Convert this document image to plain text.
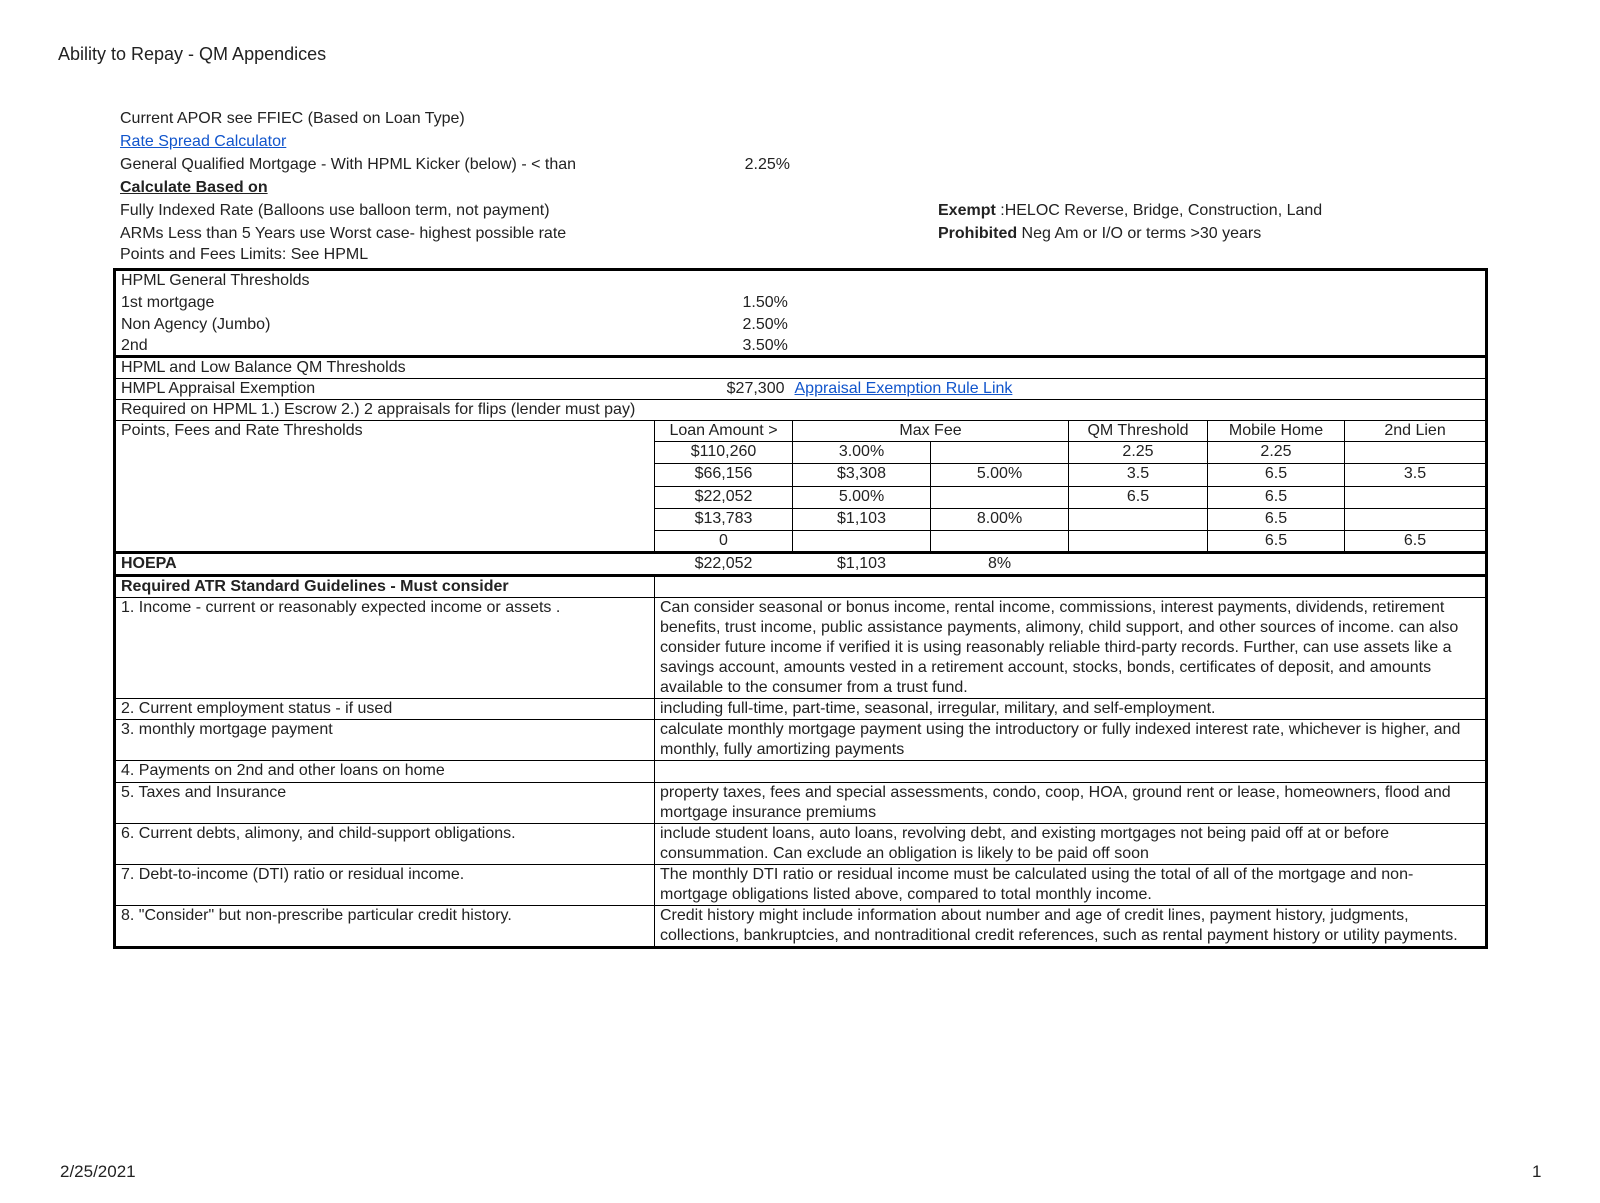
Ability to Repay - QM Appendices
Current APOR see FFIEC (Based on Loan Type)
Rate Spread Calculator
General Qualified Mortgage - With HPML Kicker (below) - < than	2.25%
Calculate Based on
Fully Indexed Rate (Balloons use balloon term, not payment)
ARMs Less than 5 Years use Worst case- highest possible rate
Points and Fees Limits: See HPML
Exempt :HELOC Reverse, Bridge, Construction, Land
Prohibited Neg Am or I/O or terms >30 years
HPML General Thresholds						
1st mortgage		1.50%				
Non Agency (Jumbo)		2.50%				
2nd		3.50%				
HPML and Low Balance QM Thresholds						
HMPL Appraisal Exemption	$27,300	Appraisal Exemption Rule Link				
Required on HPML 1.) Escrow 2.) 2 appraisals for flips (lender must pay)						
Points, Fees and Rate Thresholds	Loan Amount >	Max Fee		QM Threshold	Mobile Home	2nd Lien
	$110,260	3.00%		2.25	2.25	
	$66,156	$3,308	5.00%	3.5	6.5	3.5
	$22,052	5.00%		6.5	6.5	
	$13,783	$1,103	8.00%		6.5	
	0				6.5	6.5
HOEPA	$22,052	$1,103	8%			
Required ATR Standard Guidelines - Must consider						
1. Income - current or reasonably expected income or assets .	Can consider seasonal or bonus income, rental income, commissions, interest payments, dividends, retirement benefits, trust income, public assistance payments, alimony, child support, and other sources of income. can also consider future income if verified it is using reasonably reliable third-party records. Further, can use assets like a savings account, amounts vested in a retirement account, stocks, bonds, certificates of deposit, and amounts available to the consumer from a trust fund.					
2. Current employment status - if used	including full-time, part-time, seasonal, irregular, military, and self-employment.					
3. monthly mortgage payment	calculate monthly mortgage payment using the introductory or fully indexed interest rate, whichever is higher, and monthly, fully amortizing payments					
4. Payments on 2nd and other loans on home						
5. Taxes and Insurance	property taxes, fees and special assessments, condo, coop, HOA, ground rent or lease, homeowners, flood and mortgage insurance premiums					
6. Current debts, alimony, and child-support obligations.	include student loans, auto loans, revolving debt, and existing mortgages not being paid off at or before consummation. Can exclude an obligation is likely to be paid off soon					
7. Debt-to-income (DTI) ratio or residual income.	The monthly DTI ratio or residual income must be calculated using the total of all of the mortgage and non-mortgage obligations listed above, compared to total monthly income.					
8. "Consider" but non-prescribe particular credit history.	Credit history might include information about number and age of credit lines, payment history, judgments, collections, bankruptcies, and nontraditional credit references, such as rental payment history or utility payments.					
2/25/2021	1
